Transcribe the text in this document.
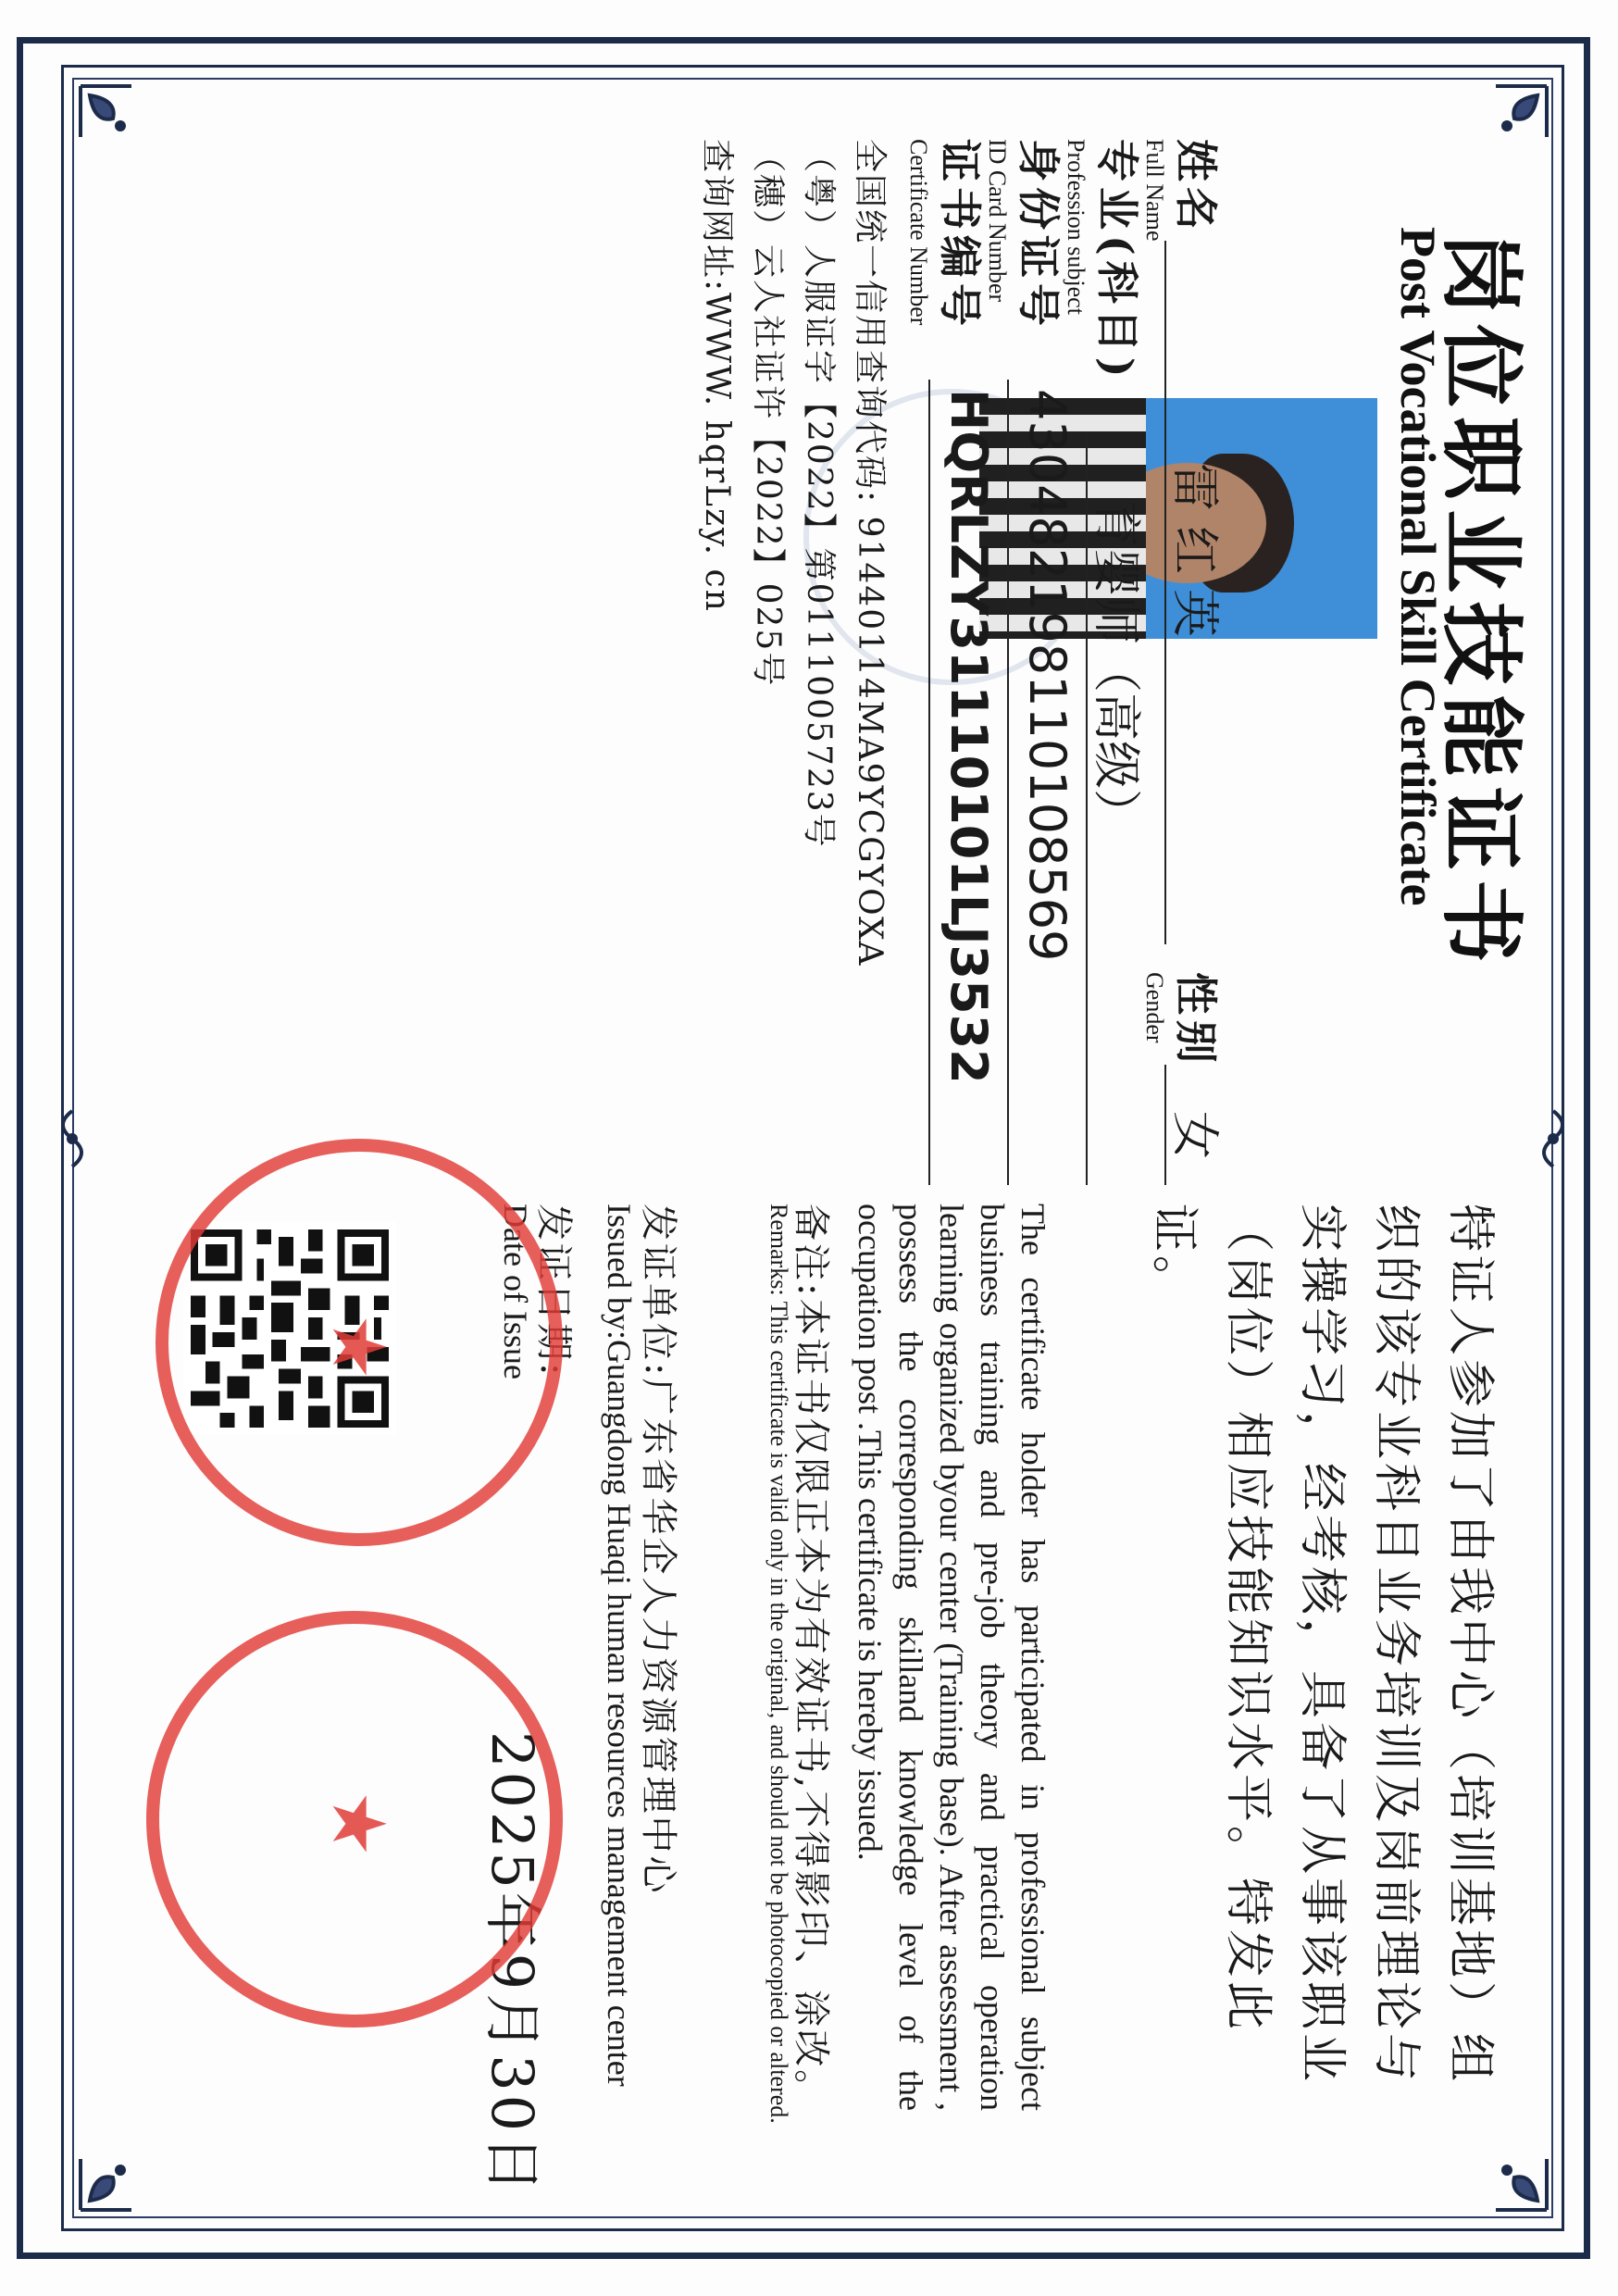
岗位职业技能证书
Post Vocational Skill Certificate
姓名
Full Name
雷红英
性别
Gender
女
专业(科目)
Profession subject
育婴师（高级）
身份证号
ID Card Number
430482198110108569
证书编号
Certificate Number
HQRLZY31110101LJ3532
全国统一信用查询代码: 91440114MA9YCGYOXA
（粤）人服证字【2022】第0111005723号
（穗）云人社证许【2022】025号
查询网址:WWW. hqrLzy. cn
特证人参加了由我中心（培训基地）组织的该专业科目业务培训及岗前理论与实操学习，经考核，具备了从事该职业（岗位）相应技能知识水平。特发此证。
The certificate holder has participated in professional subject business training and pre-job theory and practical operation learning organized byour center (Training base). After assessment , possess the corresponding skilland knowledge level of the occupation post .This certificate is hereby issued.
备注:本证书仅限正本为有效证书,不得影印、涂改。
Remarks: This certificate is valid only in the original, and should not be photocopied or altered.
发证单位:广东省华企人力资源管理中心
Issued by:Guangdong Huaqi human resources management center
发证日期:
Date of Issue
2025年9月30日
★
★
